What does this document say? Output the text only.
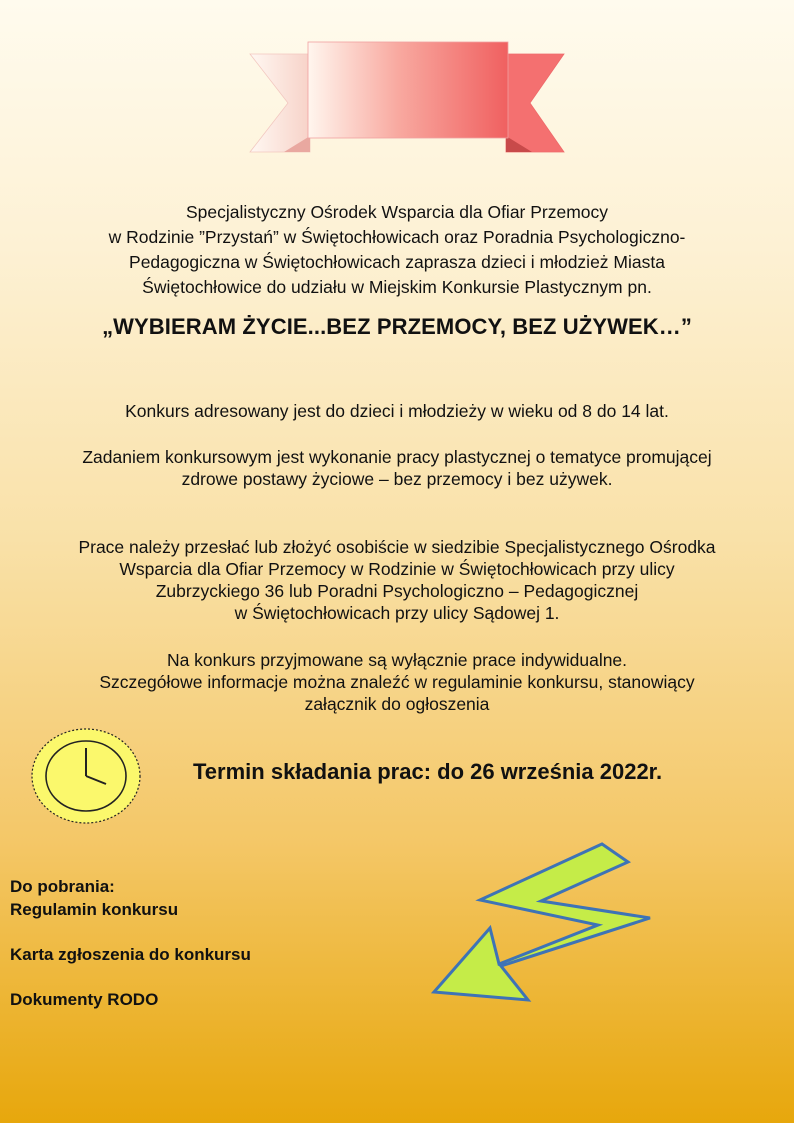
Specjalistyczny Ośrodek Wsparcia dla Ofiar Przemocy
w Rodzinie ”Przystań” w Świętochłowicach oraz Poradnia Psychologiczno-
Pedagogiczna w Świętochłowicach zaprasza dzieci i młodzież Miasta
Świętochłowice do udziału w Miejskim Konkursie Plastycznym pn.
„WYBIERAM ŻYCIE...BEZ PRZEMOCY, BEZ UŻYWEK…”
Konkurs adresowany jest do dzieci i młodzieży w wieku od 8 do 14 lat.
Zadaniem konkursowym jest wykonanie pracy plastycznej o tematyce promującej
zdrowe postawy życiowe – bez przemocy i bez używek.
Prace należy przesłać lub złożyć osobiście w siedzibie Specjalistycznego Ośrodka
Wsparcia dla Ofiar Przemocy w Rodzinie w Świętochłowicach przy ulicy
Zubrzyckiego 36 lub Poradni Psychologiczno – Pedagogicznej
w Świętochłowicach przy ulicy Sądowej 1.
Na konkurs przyjmowane są wyłącznie prace indywidualne.
Szczegółowe informacje można znaleźć w regulaminie konkursu, stanowiący
załącznik do ogłoszenia
Termin składania prac: do 26 września 2022r.
Do pobrania:
Regulamin konkursu
Karta zgłoszenia do konkursu
Dokumenty RODO
